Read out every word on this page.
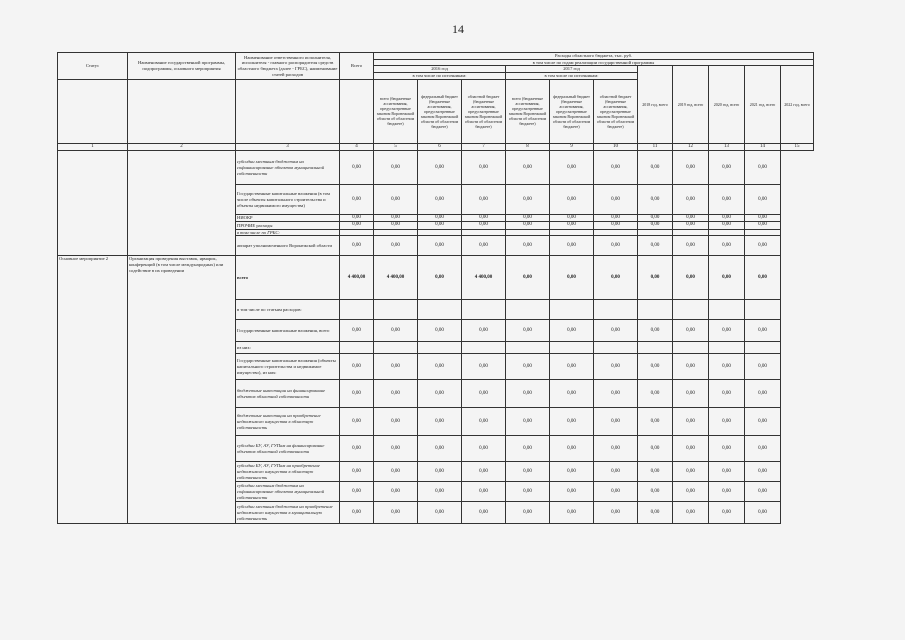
14
Статус	Наименование государственной программы, подпрограммы, основного мероприятия	Наименование ответственного исполнителя, исполнителя - главного распорядителя средств областного бюджета (далее - ГРБС), наименование статей расходов	Всего	Расходы областного бюджета, тыс. руб.										
				в том числе по годам реализации государственной программы										
				2016 год			2017 год			2018 год, всего	2019 год, всего	2020 год, всего	2021 год, всего	2022 год, всего
				в том числе по источникам:			в том числе по источникам:							
				всего (бюджетные ассигнования, предусмотренные законом Воронежской области об областном бюджете)	федеральный бюджет (бюджетные ассигнования, предусмотренные законом Воронежской области об областном бюджете)	областной бюджет (бюджетные ассигнования, предусмотренные законом Воронежской области об областном бюджете)	всего (бюджетные ассигнования, предусмотренные законом Воронежской области об областном бюджете)	федеральный бюджет (бюджетные ассигнования, предусмотренные законом Воронежской области об областном бюджете)	областной бюджет (бюджетные ассигнования, предусмотренные законом Воронежской области об областном бюджете)					
1	2	3	4	5	6	7	8	9	10	11	12	13	14	15
		субсидии местным бюджетам на софинансирование объектов муниципальной собственности	0,00	0,00	0,00	0,00	0,00	0,00	0,00	0,00	0,00	0,00	0,00	
		Государственные капитальные вложения (в том числе объекты капитального строительства и объекты недвижимого имущества)	0,00	0,00	0,00	0,00	0,00	0,00	0,00	0,00	0,00	0,00	0,00	
		НИОКР	0,00	0,00	0,00	0,00	0,00	0,00	0,00	0,00	0,00	0,00	0,00	
		ПРОЧИЕ расходы	0,00	0,00	0,00	0,00	0,00	0,00	0,00	0,00	0,00	0,00	0,00	
		в том числе по ГРБС:												
		аппарат уполномоченного Воронежской области	0,00	0,00	0,00	0,00	0,00	0,00	0,00	0,00	0,00	0,00	0,00	
Основное мероприятие 2	Организация проведения выставок, ярмарок, конференций (в том числе международных) или содействие в их проведении	всего	4 400,00	4 400,00	0,00	4 400,00	0,00	0,00	0,00	0,00	0,00	0,00	0,00	
		в том числе по статьям расходов:												
		Государственные капитальные вложения, всего	0,00	0,00	0,00	0,00	0,00	0,00	0,00	0,00	0,00	0,00	0,00	
		из них:												
		Государственные капитальные вложения (объекты капитального строительства и недвижимое имущество), из них:	0,00	0,00	0,00	0,00	0,00	0,00	0,00	0,00	0,00	0,00	0,00	
		бюджетные инвестиции на финансирование объектов областной собственности	0,00	0,00	0,00	0,00	0,00	0,00	0,00	0,00	0,00	0,00	0,00	
		бюджетные инвестиции на приобретение недвижимого имущества в областную собственность	0,00	0,00	0,00	0,00	0,00	0,00	0,00	0,00	0,00	0,00	0,00	
		субсидии БУ, АУ, ГУПам на финансирование объектов областной собственности	0,00	0,00	0,00	0,00	0,00	0,00	0,00	0,00	0,00	0,00	0,00	
		субсидии БУ, АУ, ГУПам на приобретение недвижимого имущества в областную собственность	0,00	0,00	0,00	0,00	0,00	0,00	0,00	0,00	0,00	0,00	0,00	
		субсидии местным бюджетам на софинансирование объектов муниципальной собственности	0,00	0,00	0,00	0,00	0,00	0,00	0,00	0,00	0,00	0,00	0,00	
		субсидии местным бюджетам на приобретение недвижимого имущества в муниципальную собственность	0,00	0,00	0,00	0,00	0,00	0,00	0,00	0,00	0,00	0,00	0,00	
